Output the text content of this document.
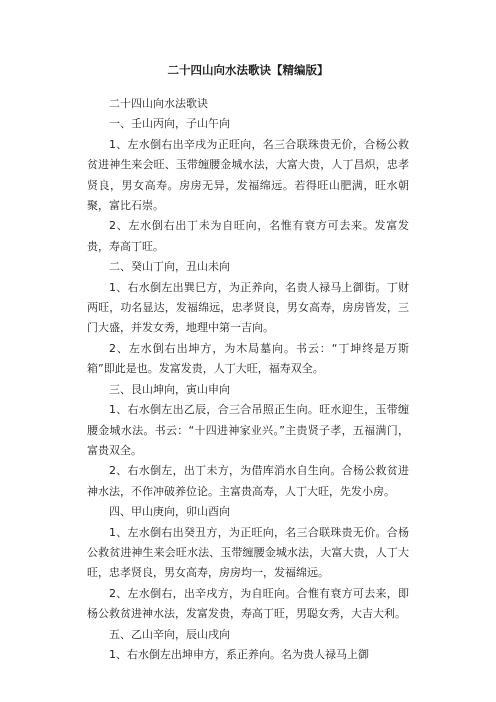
二十四山向水法歌诀【精编版】

二十四山向水法歌诀

一、壬山丙向，子山午向

1、左水倒右出辛戌为正旺向，名三合联珠贵无价，合杨公救贫进神生来会旺、玉带缠腰金城水法，大富大贵，人丁昌炽，忠孝贤良，男女高寿。房房无异，发福绵远。若得旺山肥满，旺水朝聚，富比石崇。

2、左水倒右出丁未为自旺向，名惟有衰方可去来。发富发贵，寿高丁旺。

二、癸山丁向，丑山未向

1、右水倒左出巽巳方，为正养向，名贵人禄马上御街。丁财两旺，功名显达，发福绵远，忠孝贤良，男女高寿，房房皆发，三门大盛，并发女秀，地理中第一吉向。

2、左水倒右出坤方，为木局墓向。书云：“丁坤终是万斯箱”即此是也。发富发贵，人丁大旺，福寿双全。

三、艮山坤向，寅山申向

1、右水倒左出乙辰，合三合吊照正生向。旺水迎生，玉带缠腰金城水法。书云：“十四进神家业兴。”主贵贤子孝，五福满门，富贵双全。

2、右水倒左，出丁未方，为借库消水自生向。合杨公救贫进神水法，不作冲破养位论。主富贵高寿，人丁大旺，先发小房。

四、甲山庚向，卯山酉向

1、左水倒右出癸丑方，为正旺向，名三合联珠贵无价。合杨公救贫进神生来会旺水法、玉带缠腰金城水法，大富大贵，人丁大旺，忠孝贤良，男女高寿，房房均一，发福绵远。

2、左水倒右，出辛戌方，为自旺向。合惟有衰方可去来，即杨公救贫进神水法，发富发贵，寿高丁旺，男聪女秀，大吉大利。

五、乙山辛向，辰山戌向

1、右水倒左出坤申方，系正养向。名为贵人禄马上御
